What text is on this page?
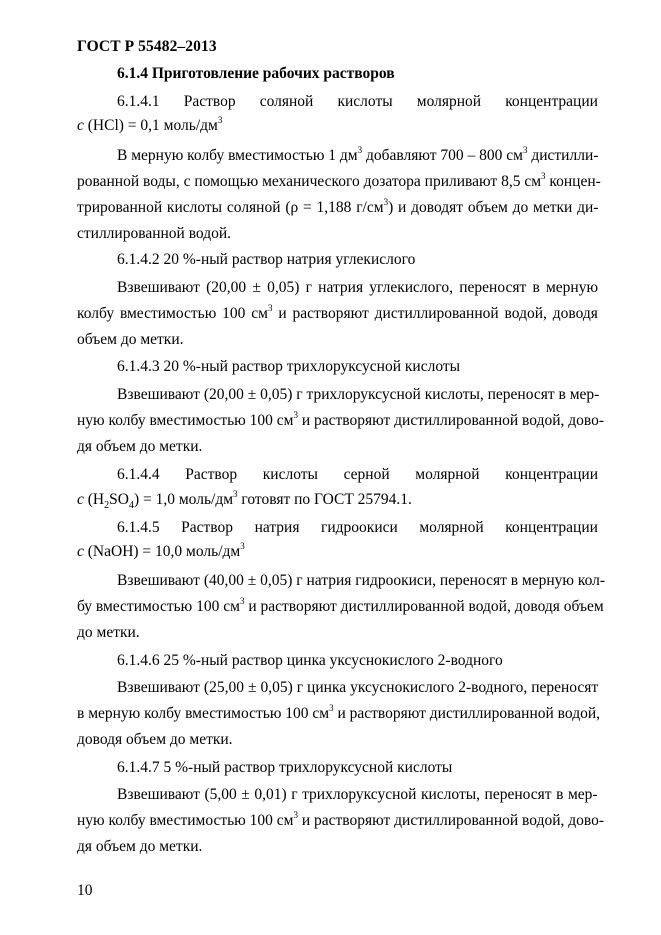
ГОСТ Р 55482–2013
6.1.4 Приготовление рабочих растворов
6.1.4.1 Раствор соляной кислоты молярной концентрации
c (HCl) = 0,1 моль/$дм^3$
В мерную колбу вместимостью 1 $дм^3$ добавляют 700 – 800 $см^3$ дистилли-
рованной воды, с помощью механического дозатора приливают 8,5 $см^3$ концен-
трированной кислоты соляной (ρ = 1,188 $г/см^3$) и доводят объем до метки ди-
стиллированной водой.
6.1.4.2 20 %-ный раствор натрия углекислого
Взвешивают (20,00 ± 0,05) г натрия углекислого, переносят в мерную
колбу вместимостью 100 $см^3$ и растворяют дистиллированной водой, доводя
объем до метки.
6.1.4.3 20 %-ный раствор трихлоруксусной кислоты
Взвешивают (20,00 ± 0,05) г трихлоруксусной кислоты, переносят в мер-
ную колбу вместимостью 100 $см^3$ и растворяют дистиллированной водой, дово-
дя объем до метки.
6.1.4.4 Раствор кислоты серной молярной концентрации
c $(H_2SO_4) = 1,0$ моль/$дм^3$ готовят по ГОСТ 25794.1.
6.1.4.5 Раствор натрия гидроокиси молярной концентрации
c (NaOH) = 10,0 моль/$дм^3$
Взвешивают (40,00 ± 0,05) г натрия гидроокиси, переносят в мерную кол-
бу вместимостью 100 $см^3$ и растворяют дистиллированной водой, доводя объем
до метки.
6.1.4.6 25 %-ный раствор цинка уксуснокислого 2-водного
Взвешивают (25,00 ± 0,05) г цинка уксуснокислого 2-водного, переносят
в мерную колбу вместимостью 100 $см^3$ и растворяют дистиллированной водой,
доводя объем до метки.
6.1.4.7 5 %-ный раствор трихлоруксусной кислоты
Взвешивают (5,00 ± 0,01) г трихлоруксусной кислоты, переносят в мер-
ную колбу вместимостью 100 $см^3$ и растворяют дистиллированной водой, дово-
дя объем до метки.
10
